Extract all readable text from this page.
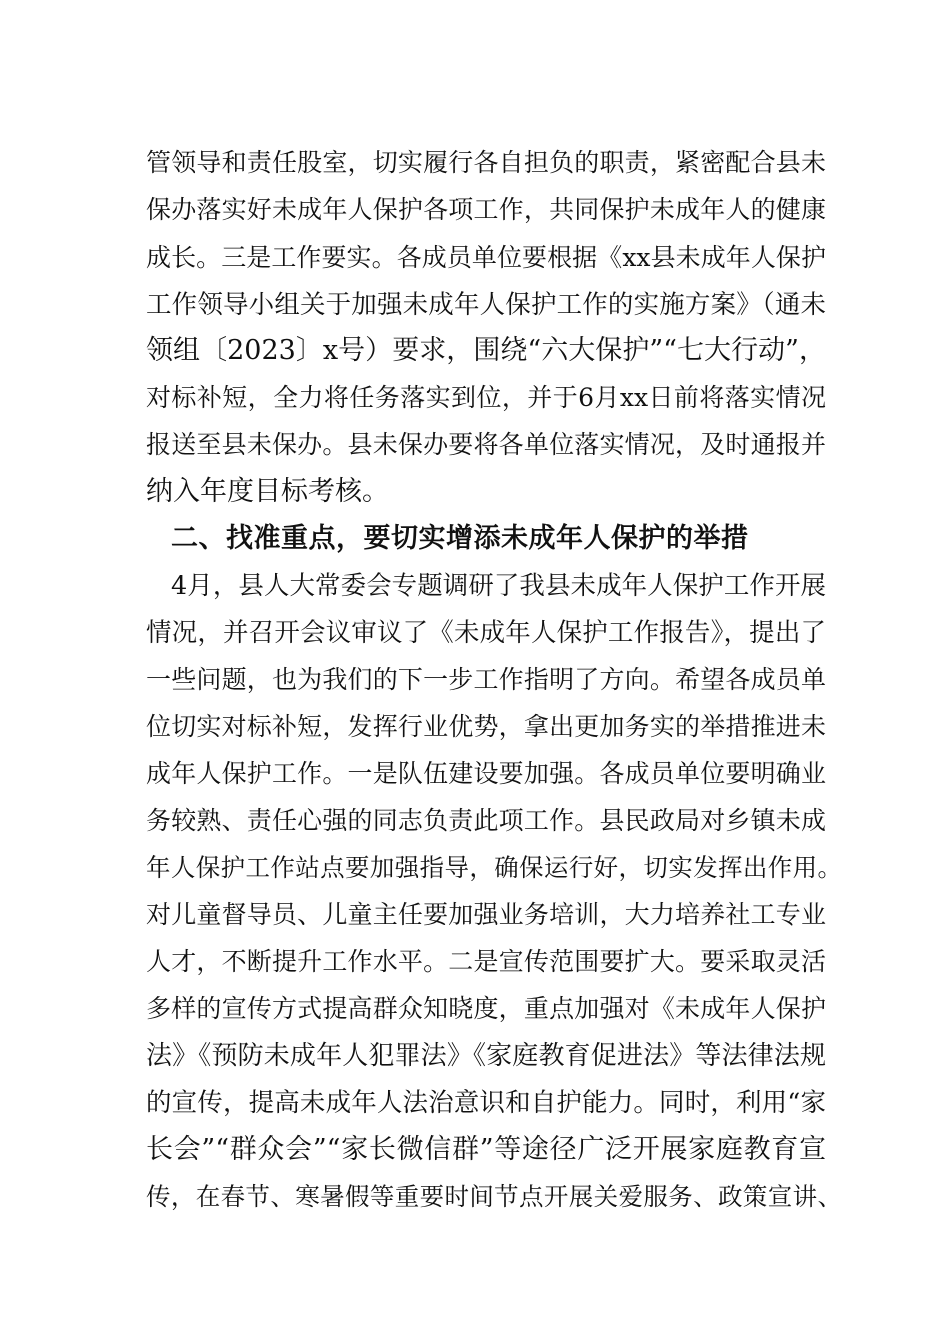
管领导和责任股室，切实履行各自担负的职责，紧密配合县未
保办落实好未成年人保护各项工作，共同保护未成年人的健康
成长。三是工作要实。各成员单位要根据《xx县未成年人保护
工作领导小组关于加强未成年人保护工作的实施方案》（通未
领组〔2023〕x号）要求，围绕“六大保护”“七大行动”，
对标补短，全力将任务落实到位，并于6月xx日前将落实情况
报送至县未保办。县未保办要将各单位落实情况，及时通报并
纳入年度目标考核。
二、找准重点，要切实增添未成年人保护的举措
4月，县人大常委会专题调研了我县未成年人保护工作开展
情况，并召开会议审议了《未成年人保护工作报告》，提出了
一些问题，也为我们的下一步工作指明了方向。希望各成员单
位切实对标补短，发挥行业优势，拿出更加务实的举措推进未
成年人保护工作。一是队伍建设要加强。各成员单位要明确业
务较熟、责任心强的同志负责此项工作。县民政局对乡镇未成
年人保护工作站点要加强指导，确保运行好，切实发挥出作用。
对儿童督导员、儿童主任要加强业务培训，大力培养社工专业
人才，不断提升工作水平。二是宣传范围要扩大。要采取灵活
多样的宣传方式提高群众知晓度，重点加强对《未成年人保护
法》《预防未成年人犯罪法》《家庭教育促进法》等法律法规
的宣传，提高未成年人法治意识和自护能力。同时，利用“家
长会”“群众会”“家长微信群”等途径广泛开展家庭教育宣
传，在春节、寒暑假等重要时间节点开展关爱服务、政策宣讲、
